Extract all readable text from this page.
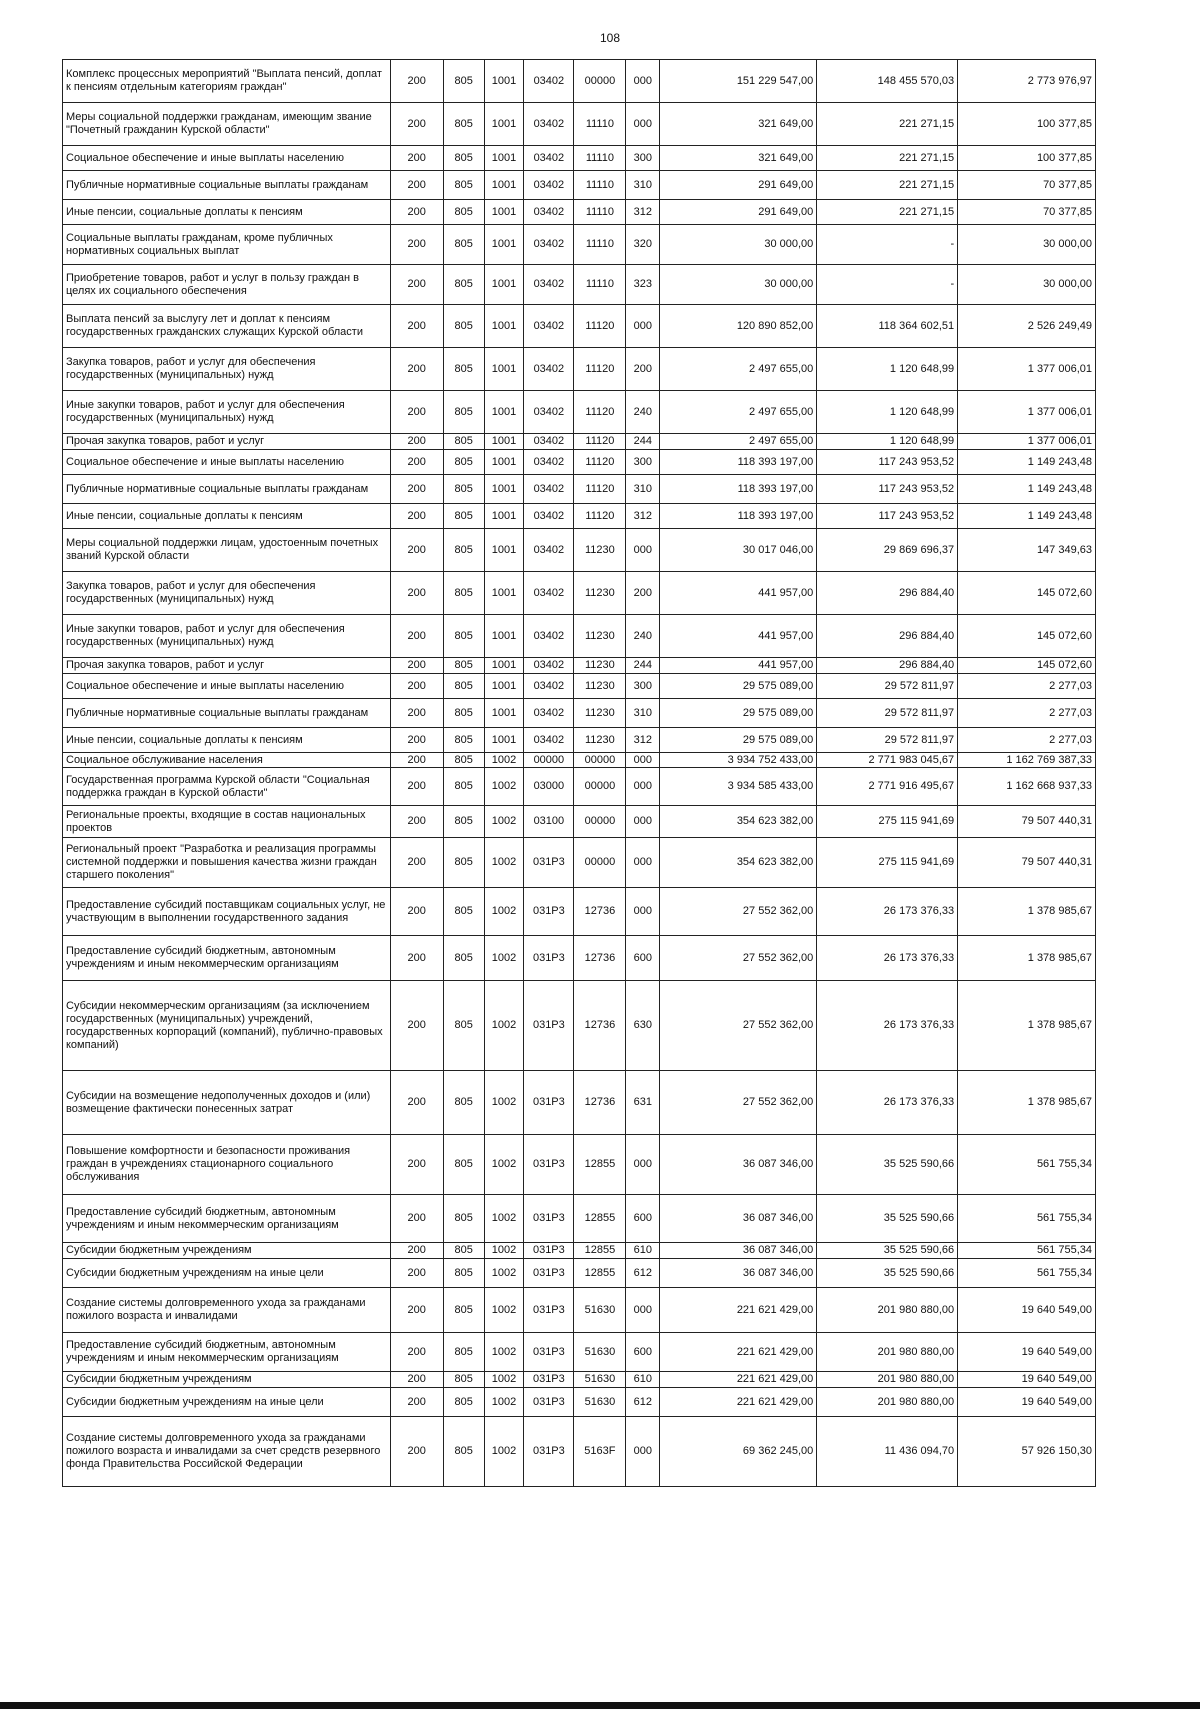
108
Комплекс процессных мероприятий "Выплата пенсий, доплат к пенсиям отдельным категориям граждан"	200	805	1001	03402	00000	000	151 229 547,00	148 455 570,03	2 773 976,97
Меры социальной поддержки гражданам, имеющим звание "Почетный гражданин Курской области"	200	805	1001	03402	11110	000	321 649,00	221 271,15	100 377,85
Социальное обеспечение и иные выплаты населению	200	805	1001	03402	11110	300	321 649,00	221 271,15	100 377,85
Публичные нормативные социальные выплаты гражданам	200	805	1001	03402	11110	310	291 649,00	221 271,15	70 377,85
Иные пенсии, социальные доплаты к пенсиям	200	805	1001	03402	11110	312	291 649,00	221 271,15	70 377,85
Социальные выплаты гражданам, кроме публичных нормативных социальных выплат	200	805	1001	03402	11110	320	30 000,00	-	30 000,00
Приобретение товаров, работ и услуг в пользу граждан в целях их социального обеспечения	200	805	1001	03402	11110	323	30 000,00	-	30 000,00
Выплата пенсий за выслугу лет и доплат к пенсиям государственных гражданских служащих Курской области	200	805	1001	03402	11120	000	120 890 852,00	118 364 602,51	2 526 249,49
Закупка товаров, работ и услуг для обеспечения государственных (муниципальных) нужд	200	805	1001	03402	11120	200	2 497 655,00	1 120 648,99	1 377 006,01
Иные закупки товаров, работ и услуг для обеспечения государственных (муниципальных) нужд	200	805	1001	03402	11120	240	2 497 655,00	1 120 648,99	1 377 006,01
Прочая закупка товаров, работ и услуг	200	805	1001	03402	11120	244	2 497 655,00	1 120 648,99	1 377 006,01
Социальное обеспечение и иные выплаты населению	200	805	1001	03402	11120	300	118 393 197,00	117 243 953,52	1 149 243,48
Публичные нормативные социальные выплаты гражданам	200	805	1001	03402	11120	310	118 393 197,00	117 243 953,52	1 149 243,48
Иные пенсии, социальные доплаты к пенсиям	200	805	1001	03402	11120	312	118 393 197,00	117 243 953,52	1 149 243,48
Меры социальной поддержки лицам, удостоенным почетных званий Курской области	200	805	1001	03402	11230	000	30 017 046,00	29 869 696,37	147 349,63
Закупка товаров, работ и услуг для обеспечения государственных (муниципальных) нужд	200	805	1001	03402	11230	200	441 957,00	296 884,40	145 072,60
Иные закупки товаров, работ и услуг для обеспечения государственных (муниципальных) нужд	200	805	1001	03402	11230	240	441 957,00	296 884,40	145 072,60
Прочая закупка товаров, работ и услуг	200	805	1001	03402	11230	244	441 957,00	296 884,40	145 072,60
Социальное обеспечение и иные выплаты населению	200	805	1001	03402	11230	300	29 575 089,00	29 572 811,97	2 277,03
Публичные нормативные социальные выплаты гражданам	200	805	1001	03402	11230	310	29 575 089,00	29 572 811,97	2 277,03
Иные пенсии, социальные доплаты к пенсиям	200	805	1001	03402	11230	312	29 575 089,00	29 572 811,97	2 277,03
Социальное обслуживание населения	200	805	1002	00000	00000	000	3 934 752 433,00	2 771 983 045,67	1 162 769 387,33
Государственная программа Курской области "Социальная поддержка граждан в Курской области"	200	805	1002	03000	00000	000	3 934 585 433,00	2 771 916 495,67	1 162 668 937,33
Региональные проекты, входящие в состав национальных проектов	200	805	1002	03100	00000	000	354 623 382,00	275 115 941,69	79 507 440,31
Региональный проект "Разработка и реализация программы системной поддержки и повышения качества жизни граждан старшего поколения"	200	805	1002	031Р3	00000	000	354 623 382,00	275 115 941,69	79 507 440,31
Предоставление субсидий поставщикам социальных услуг, не участвующим в выполнении государственного задания	200	805	1002	031Р3	12736	000	27 552 362,00	26 173 376,33	1 378 985,67
Предоставление субсидий бюджетным, автономным учреждениям и иным некоммерческим организациям	200	805	1002	031Р3	12736	600	27 552 362,00	26 173 376,33	1 378 985,67
Субсидии некоммерческим организациям (за исключением государственных (муниципальных) учреждений, государственных корпораций (компаний), публично-правовых компаний)	200	805	1002	031Р3	12736	630	27 552 362,00	26 173 376,33	1 378 985,67
Субсидии на возмещение недополученных доходов и (или) возмещение фактически понесенных затрат	200	805	1002	031Р3	12736	631	27 552 362,00	26 173 376,33	1 378 985,67
Повышение комфортности и безопасности проживания граждан в учреждениях стационарного социального обслуживания	200	805	1002	031Р3	12855	000	36 087 346,00	35 525 590,66	561 755,34
Предоставление субсидий бюджетным, автономным учреждениям и иным некоммерческим организациям	200	805	1002	031Р3	12855	600	36 087 346,00	35 525 590,66	561 755,34
Субсидии бюджетным учреждениям	200	805	1002	031Р3	12855	610	36 087 346,00	35 525 590,66	561 755,34
Субсидии бюджетным учреждениям на иные цели	200	805	1002	031Р3	12855	612	36 087 346,00	35 525 590,66	561 755,34
Создание системы долговременного ухода за гражданами пожилого возраста и инвалидами	200	805	1002	031Р3	51630	000	221 621 429,00	201 980 880,00	19 640 549,00
Предоставление субсидий бюджетным, автономным учреждениям и иным некоммерческим организациям	200	805	1002	031Р3	51630	600	221 621 429,00	201 980 880,00	19 640 549,00
Субсидии бюджетным учреждениям	200	805	1002	031Р3	51630	610	221 621 429,00	201 980 880,00	19 640 549,00
Субсидии бюджетным учреждениям на иные цели	200	805	1002	031Р3	51630	612	221 621 429,00	201 980 880,00	19 640 549,00
Создание системы долговременного ухода за гражданами пожилого возраста и инвалидами за счет средств резервного фонда Правительства Российской Федерации	200	805	1002	031Р3	5163F	000	69 362 245,00	11 436 094,70	57 926 150,30
